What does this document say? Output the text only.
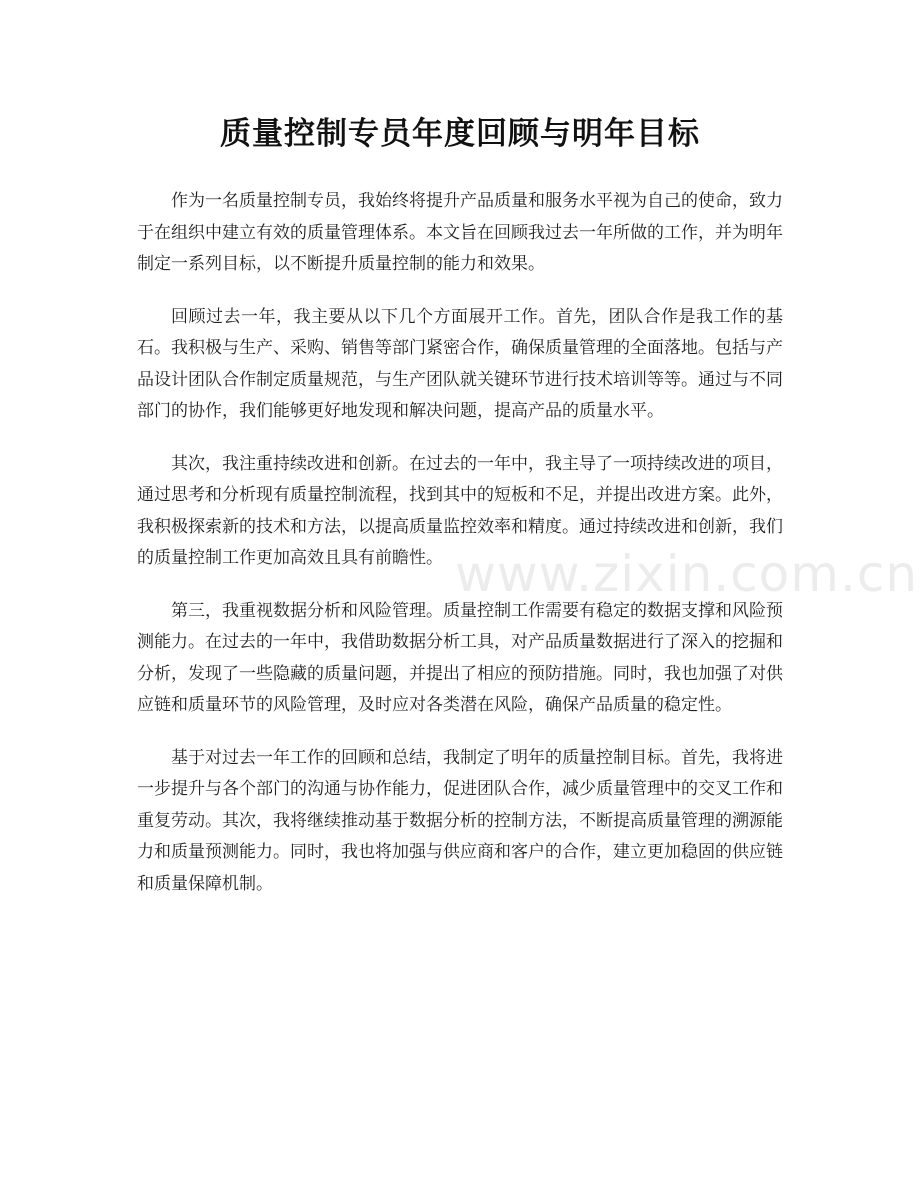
质量控制专员年度回顾与明年目标

作为一名质量控制专员，我始终将提升产品质量和服务水平视为自己的使命，致力于在组织中建立有效的质量管理体系。本文旨在回顾我过去一年所做的工作，并为明年制定一系列目标，以不断提升质量控制的能力和效果。

回顾过去一年，我主要从以下几个方面展开工作。首先，团队合作是我工作的基石。我积极与生产、采购、销售等部门紧密合作，确保质量管理的全面落地。包括与产品设计团队合作制定质量规范，与生产团队就关键环节进行技术培训等等。通过与不同部门的协作，我们能够更好地发现和解决问题，提高产品的质量水平。

其次，我注重持续改进和创新。在过去的一年中，我主导了一项持续改进的项目，通过思考和分析现有质量控制流程，找到其中的短板和不足，并提出改进方案。此外，我积极探索新的技术和方法，以提高质量监控效率和精度。通过持续改进和创新，我们的质量控制工作更加高效且具有前瞻性。

第三，我重视数据分析和风险管理。质量控制工作需要有稳定的数据支撑和风险预测能力。在过去的一年中，我借助数据分析工具，对产品质量数据进行了深入的挖掘和分析，发现了一些隐藏的质量问题，并提出了相应的预防措施。同时，我也加强了对供应链和质量环节的风险管理，及时应对各类潜在风险，确保产品质量的稳定性。

基于对过去一年工作的回顾和总结，我制定了明年的质量控制目标。首先，我将进一步提升与各个部门的沟通与协作能力，促进团队合作，减少质量管理中的交叉工作和重复劳动。其次，我将继续推动基于数据分析的控制方法，不断提高质量管理的溯源能力和质量预测能力。同时，我也将加强与供应商和客户的合作，建立更加稳固的供应链和质量保障机制。

www.zixin.com.cn
